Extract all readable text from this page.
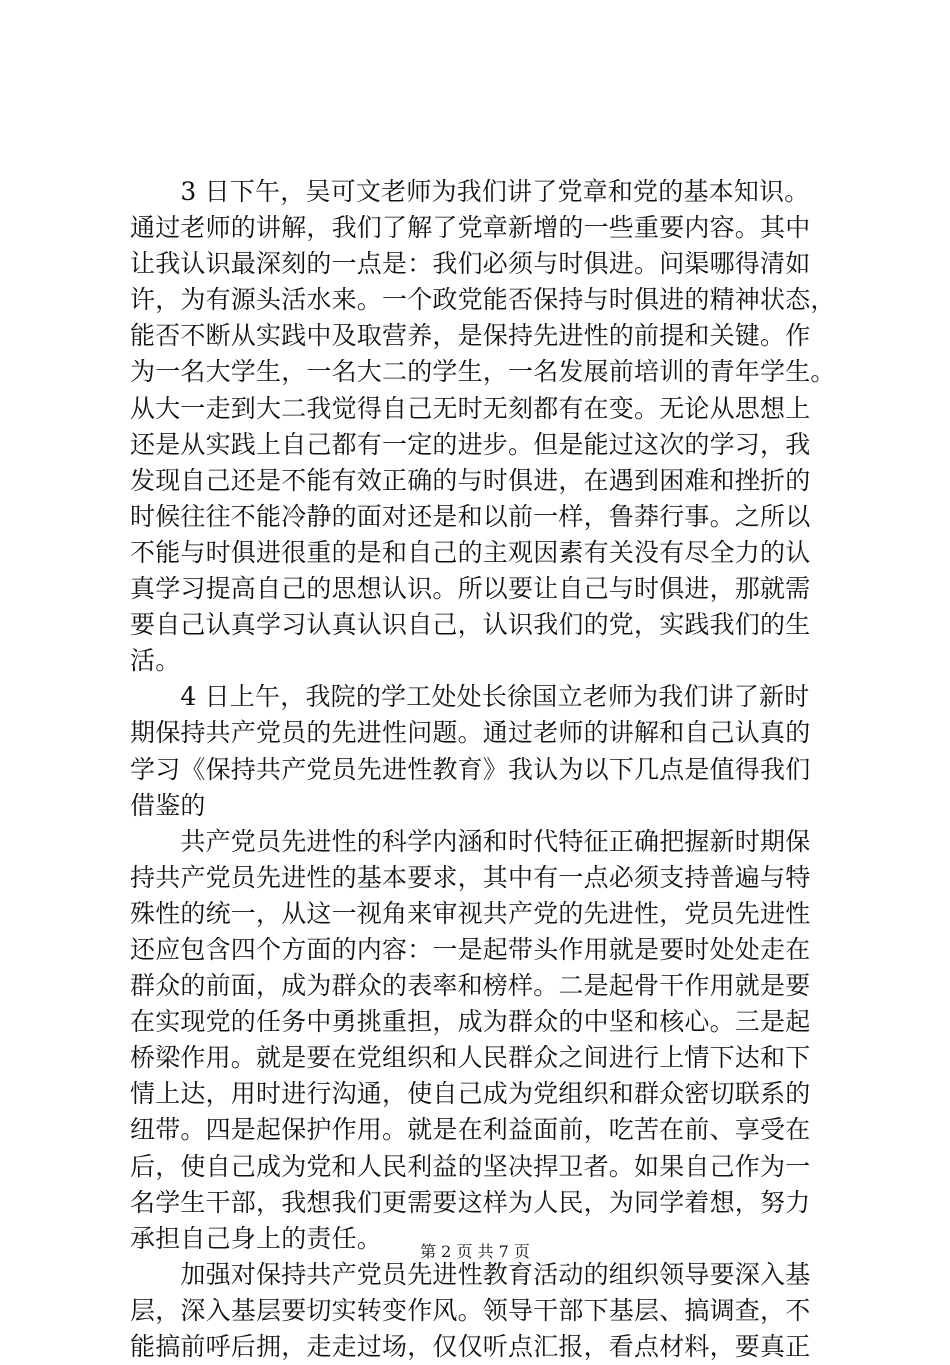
　　3 日下午，吴可文老师为我们讲了党章和党的基本知识。
通过老师的讲解，我们了解了党章新增的一些重要内容。其中
让我认识最深刻的一点是：我们必须与时俱进。问渠哪得清如
许，为有源头活水来。一个政党能否保持与时俱进的精神状态，
能否不断从实践中及取营养，是保持先进性的前提和关键。作
为一名大学生，一名大二的学生，一名发展前培训的青年学生。
从大一走到大二我觉得自己无时无刻都有在变。无论从思想上
还是从实践上自己都有一定的进步。但是能过这次的学习，我
发现自己还是不能有效正确的与时俱进，在遇到困难和挫折的
时候往往不能冷静的面对还是和以前一样，鲁莽行事。之所以
不能与时俱进很重的是和自己的主观因素有关没有尽全力的认
真学习提高自己的思想认识。所以要让自己与时俱进，那就需
要自己认真学习认真认识自己，认识我们的党，实践我们的生
活。
　　4 日上午，我院的学工处处长徐国立老师为我们讲了新时
期保持共产党员的先进性问题。通过老师的讲解和自己认真的
学习《保持共产党员先进性教育》我认为以下几点是值得我们
借鉴的
　　共产党员先进性的科学内涵和时代特征正确把握新时期保
持共产党员先进性的基本要求，其中有一点必须支持普遍与特
殊性的统一，从这一视角来审视共产党的先进性，党员先进性
还应包含四个方面的内容：一是起带头作用就是要时处处走在
群众的前面，成为群众的表率和榜样。二是起骨干作用就是要
在实现党的任务中勇挑重担，成为群众的中坚和核心。三是起
桥梁作用。就是要在党组织和人民群众之间进行上情下达和下
情上达，用时进行沟通，使自己成为党组织和群众密切联系的
纽带。四是起保护作用。就是在利益面前，吃苦在前、享受在
后，使自己成为党和人民利益的坚决捍卫者。如果自己作为一
名学生干部，我想我们更需要这样为人民，为同学着想，努力
承担自己身上的责任。
　　加强对保持共产党员先进性教育活动的组织领导要深入基
层，深入基层要切实转变作风。领导干部下基层、搞调查，不
能搞前呼后拥，走走过场，仅仅听点汇报，看点材料，要真正
第 2 页 共 7 页
